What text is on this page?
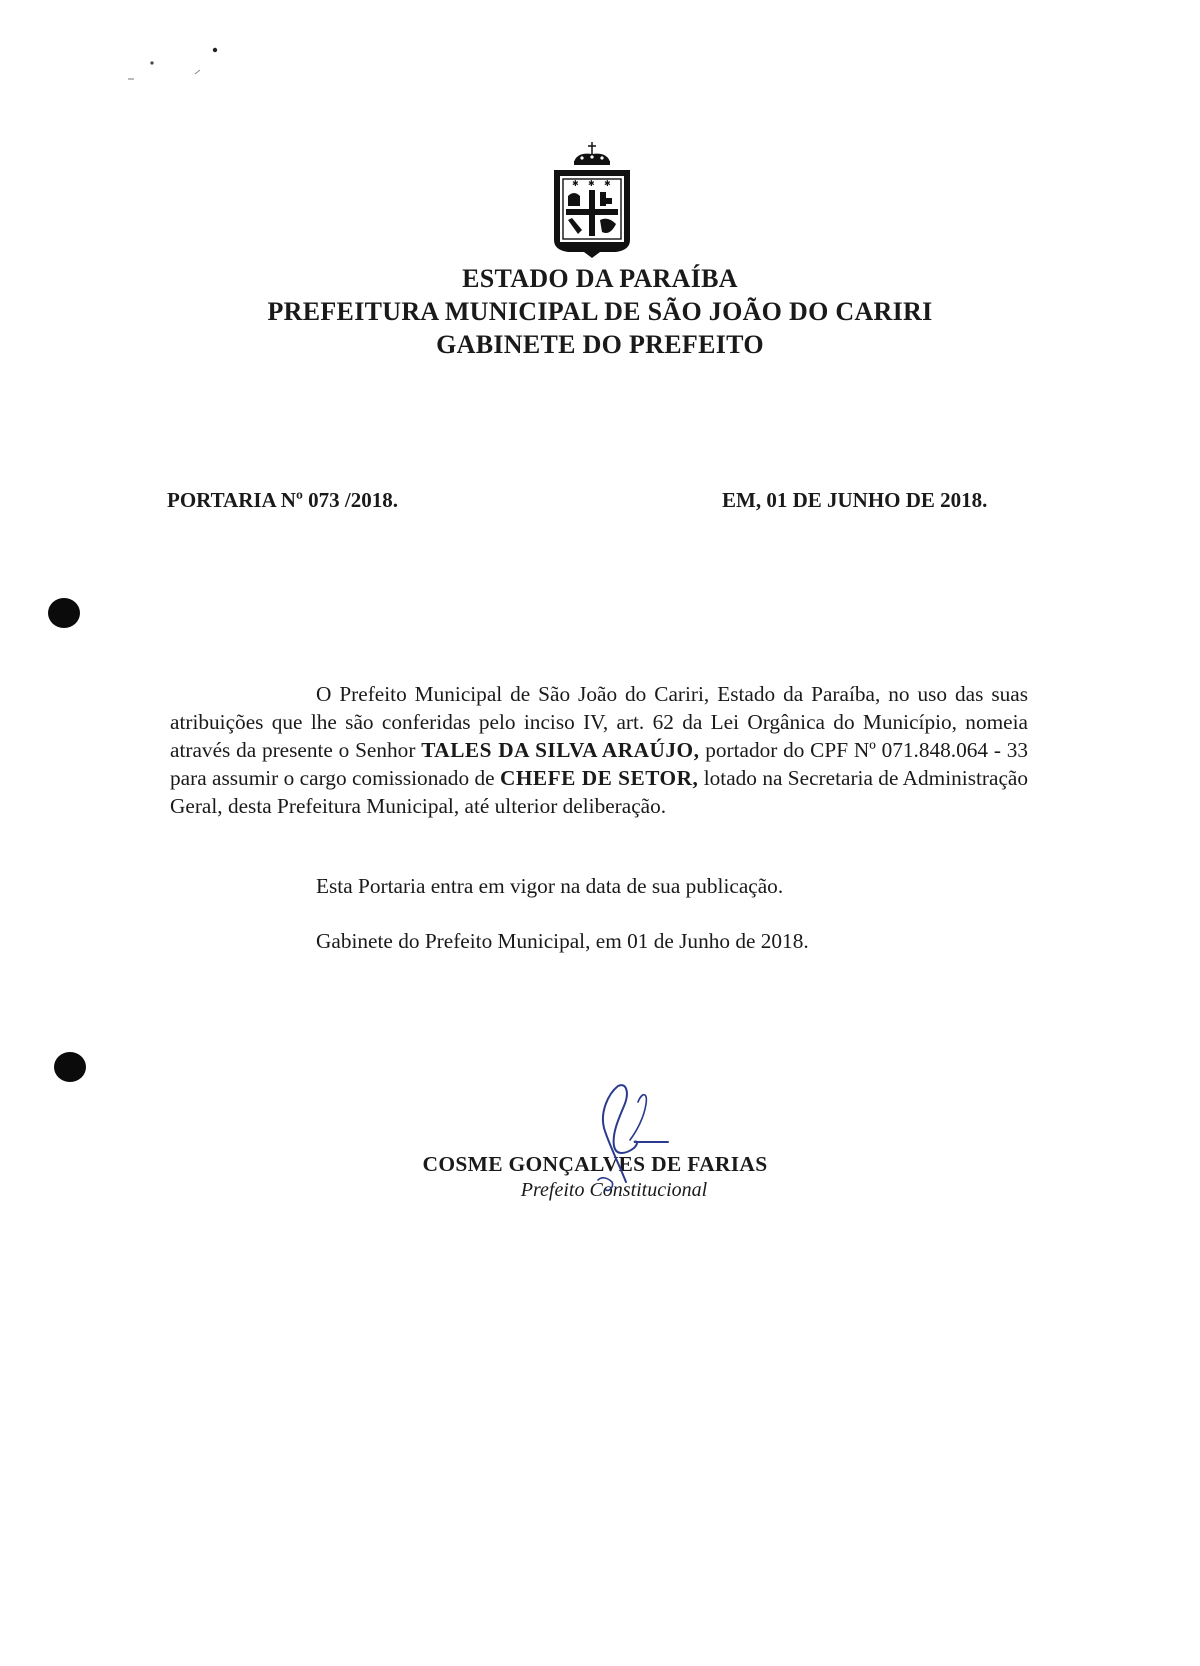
✱ ✱ ✱
ESTADO DA PARAÍBA
PREFEITURA MUNICIPAL DE SÃO JOÃO DO CARIRI
GABINETE DO PREFEITO
PORTARIA Nº 073 /2018.	EM, 01 DE JUNHO DE 2018.

O Prefeito Municipal de São João do Cariri, Estado da Paraíba, no uso das suas atribuições que lhe são conferidas pelo inciso IV, art. 62 da Lei Orgânica do Município, nomeia através da presente o Senhor TALES DA SILVA ARAÚJO, portador do CPF Nº 071.848.064 - 33 para assumir o cargo comissionado de CHEFE DE SETOR, lotado na Secretaria de Administração Geral, desta Prefeitura Municipal, até ulterior deliberação.

Esta Portaria entra em vigor na data de sua publicação.
Gabinete do Prefeito Municipal, em 01 de Junho de 2018.
COSME GONÇALVES DE FARIAS
Prefeito Constitucional
